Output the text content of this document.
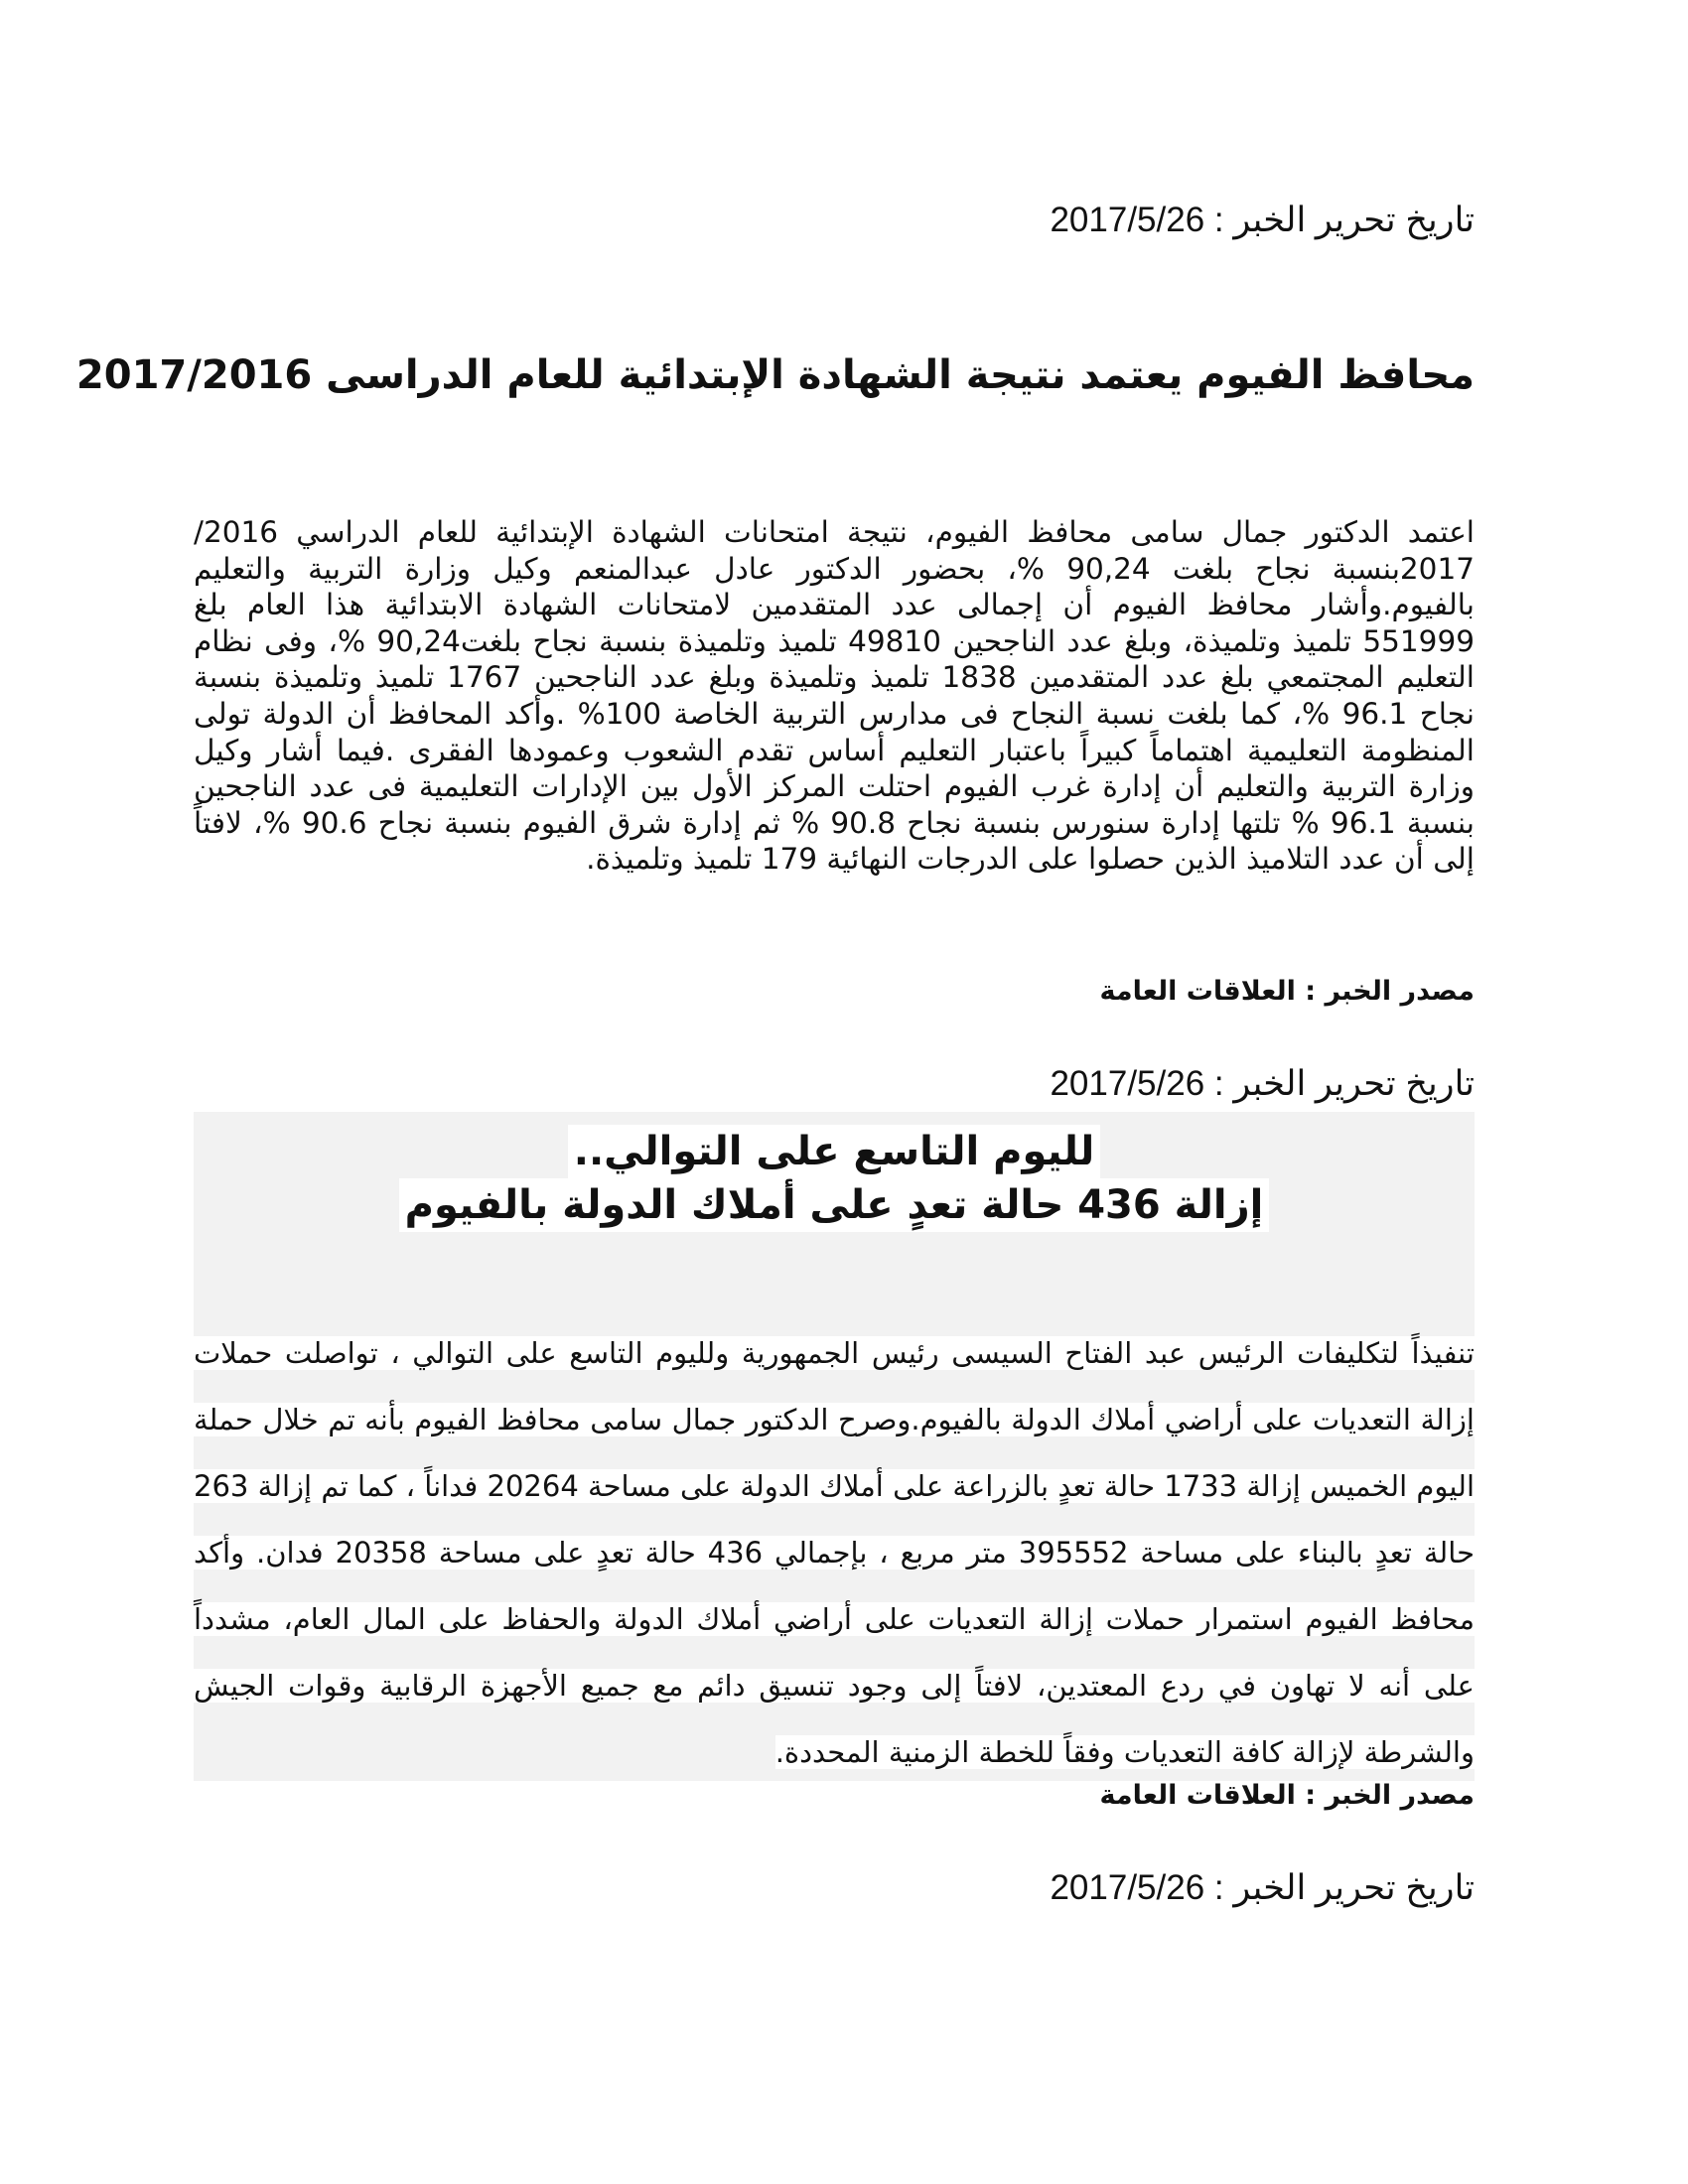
تاريخ تحرير الخبر : 2017/5/26
محافظ الفيوم يعتمد نتيجة الشهادة الإبتدائية للعام الدراسى 2017/2016
اعتمد الدكتور جمال سامى محافظ الفيوم، نتيجة امتحانات الشهادة الإبتدائية للعام الدراسي 2016/ 2017بنسبة نجاح بلغت 90,24 %، بحضور الدكتور عادل عبدالمنعم وكيل وزارة التربية والتعليم بالفيوم.وأشار محافظ الفيوم أن إجمالى عدد المتقدمين لامتحانات الشهادة الابتدائية هذا العام بلغ 551999 تلميذ وتلميذة، وبلغ عدد الناجحين 49810 تلميذ وتلميذة بنسبة نجاح بلغت90,24 %، وفى نظام التعليم المجتمعي بلغ عدد المتقدمين 1838 تلميذ وتلميذة وبلغ عدد الناجحين 1767 تلميذ وتلميذة بنسبة نجاح 96.1 %، كما بلغت نسبة النجاح فى مدارس التربية الخاصة 100% .وأكد المحافظ أن الدولة تولى المنظومة التعليمية اهتماماً كبيراً باعتبار التعليم أساس تقدم الشعوب وعمودها الفقرى .فيما أشار وكيل وزارة التربية والتعليم أن إدارة غرب الفيوم احتلت المركز الأول بين الإدارات التعليمية فى عدد الناجحين بنسبة 96.1 % تلتها إدارة سنورس بنسبة نجاح 90.8 % ثم إدارة شرق الفيوم بنسبة نجاح 90.6 %، لافتاً إلى أن عدد التلاميذ الذين حصلوا على الدرجات النهائية 179 تلميذ وتلميذة.
مصدر الخبر : العلاقات العامة
تاريخ تحرير الخبر : 2017/5/26
لليوم التاسع على التوالي..
إزالة 436 حالة تعدٍ على أملاك الدولة بالفيوم
تنفيذاً لتكليفات الرئيس عبد الفتاح السيسى رئيس الجمهورية ولليوم التاسع على التوالي ، تواصلت حملات إزالة التعديات على أراضي أملاك الدولة بالفيوم.وصرح الدكتور جمال سامى محافظ الفيوم بأنه تم خلال حملة اليوم الخميس إزالة 1733 حالة تعدٍ بالزراعة على أملاك الدولة على مساحة 20264 فداناً ، كما تم إزالة 263 حالة تعدٍ بالبناء على مساحة 395552 متر مربع ، بإجمالي 436 حالة تعدٍ على مساحة 20358 فدان. وأكد محافظ الفيوم استمرار حملات إزالة التعديات على أراضي أملاك الدولة والحفاظ على المال العام، مشدداً على أنه لا تهاون في ردع المعتدين، لافتاً إلى وجود تنسيق دائم مع جميع الأجهزة الرقابية وقوات الجيش والشرطة لإزالة كافة التعديات وفقاً للخطة الزمنية المحددة.
مصدر الخبر : العلاقات العامة
تاريخ تحرير الخبر : 2017/5/26
